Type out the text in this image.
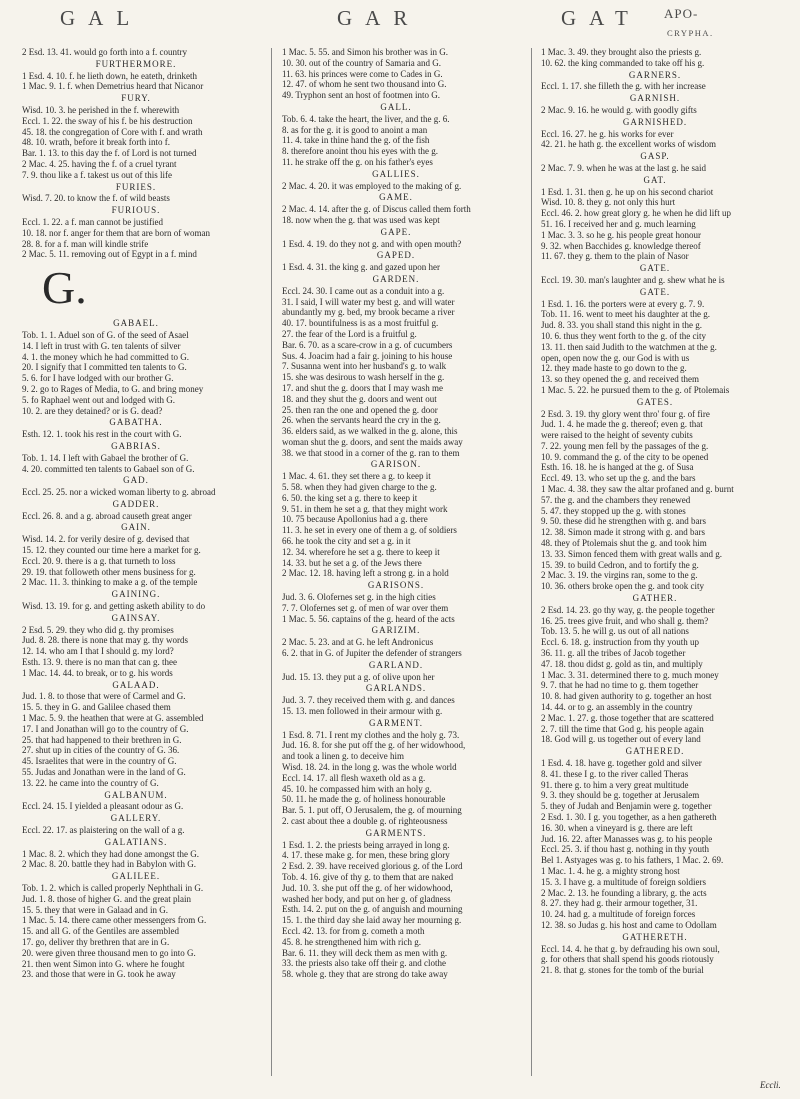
GAL	GAR	GAT APO-
CRYPHA.

2 Esd. 13. 41. would go forth into a f. country

FURTHERMORE.

1 Esd. 4. 10. f. he lieth down, he eateth, drinketh

1 Mac. 9. 1. f. when Demetrius heard that Nicanor

FURY.

Wisd. 10. 3. he perished in the f. wherewith

Eccl. 1. 22. the sway of his f. be his destruction

45. 18. the congregation of Core with f. and wrath

48. 10. wrath, before it break forth into f.

Bar. 1. 13. to this day the f. of Lord is not turned

2 Mac. 4. 25. having the f. of a cruel tyrant

7. 9. thou like a f. takest us out of this life

FURIES.

Wisd. 7. 20. to know the f. of wild beasts

FURIOUS.

Eccl. 1. 22. a f. man cannot be justified

10. 18. nor f. anger for them that are born of woman

28. 8. for a f. man will kindle strife

2 Mac. 5. 11. removing out of Egypt in a f. mind

G.

GABAEL.

Tob. 1. 1. Aduel son of G. of the seed of Asael

14. I left in trust with G. ten talents of silver

4. 1. the money which he had committed to G.

20. I signify that I committed ten talents to G.

5. 6. for I have lodged with our brother G.

9. 2. go to Rages of Media, to G. and bring money

5. fo Raphael went out and lodged with G.

10. 2. are they detained? or is G. dead?

GABATHA.

Esth. 12. 1. took his rest in the court with G.

GABRIAS.

Tob. 1. 14. I left with Gabael the brother of G.

4. 20. committed ten talents to Gabael son of G.

GAD.

Eccl. 25. 25. nor a wicked woman liberty to g. abroad

GADDER.

Eccl. 26. 8. and a g. abroad causeth great anger

GAIN.

Wisd. 14. 2. for verily desire of g. devised that

15. 12. they counted our time here a market for g.

Eccl. 20. 9. there is a g. that turneth to loss

29. 19. that followeth other mens business for g.

2 Mac. 11. 3. thinking to make a g. of the temple

GAINING.

Wisd. 13. 19. for g. and getting asketh ability to do

GAINSAY.

2 Esd. 5. 29. they who did g. thy promises

Jud. 8. 28. there is none that may g. thy words

12. 14. who am I that I should g. my lord?

Esth. 13. 9. there is no man that can g. thee

1 Mac. 14. 44. to break, or to g. his words

GALAAD.

Jud. 1. 8. to those that were of Carmel and G.

15. 5. they in G. and Galilee chased them

1 Mac. 5. 9. the heathen that were at G. assembled

17. I and Jonathan will go to the country of G.

25. that had happened to their brethren in G.

27. shut up in cities of the country of G. 36.

45. Israelites that were in the country of G.

55. Judas and Jonathan were in the land of G.

13. 22. he came into the country of G.

GALBANUM.

Eccl. 24. 15. I yielded a pleasant odour as G.

GALLERY.

Eccl. 22. 17. as plaistering on the wall of a g.

GALATIANS.

1 Mac. 8. 2. which they had done amongst the G.

2 Mac. 8. 20. battle they had in Babylon with G.

GALILEE.

Tob. 1. 2. which is called properly Nephthali in G.

Jud. 1. 8. those of higher G. and the great plain

15. 5. they that were in Galaad and in G.

1 Mac. 5. 14. there came other messengers from G.

15. and all G. of the Gentiles are assembled

17. go, deliver thy brethren that are in G.

20. were given three thousand men to go into G.

21. then went Simon into G. where he fought

23. and those that were in G. took he away

1 Mac. 5. 55. and Simon his brother was in G.

10. 30. out of the country of Samaria and G.

11. 63. his princes were come to Cades in G.

12. 47. of whom he sent two thousand into G.

49. Tryphon sent an host of footmen into G.

GALL.

Tob. 6. 4. take the heart, the liver, and the g. 6.

8. as for the g. it is good to anoint a man

11. 4. take in thine hand the g. of the fish

8. therefore anoint thou his eyes with the g.

11. he strake off the g. on his father's eyes

GALLIES.

2 Mac. 4. 20. it was employed to the making of g.

GAME.

2 Mac. 4. 14. after the g. of Discus called them forth

18. now when the g. that was used was kept

GAPE.

1 Esd. 4. 19. do they not g. and with open mouth?

GAPED.

1 Esd. 4. 31. the king g. and gazed upon her

GARDEN.

Eccl. 24. 30. I came out as a conduit into a g.

31. I said, I will water my best g. and will water

abundantly my g. bed, my brook became a river

40. 17. bountifulness is as a most fruitful g.

27. the fear of the Lord is a fruitful g.

Bar. 6. 70. as a scare-crow in a g. of cucumbers

Sus. 4. Joacim had a fair g. joining to his house

7. Susanna went into her husband's g. to walk

15. she was desirous to wash herself in the g.

17. and shut the g. doors that I may wash me

18. and they shut the g. doors and went out

25. then ran the one and opened the g. door

26. when the servants heard the cry in the g.

36. elders said, as we walked in the g. alone, this

woman shut the g. doors, and sent the maids away

38. we that stood in a corner of the g. ran to them

GARISON.

1 Mac. 4. 61. they set there a g. to keep it

5. 58. when they had given charge to the g.

6. 50. the king set a g. there to keep it

9. 51. in them he set a g. that they might work

10. 75 because Apollonius had a g. there

11. 3. he set in every one of them a g. of soldiers

66. he took the city and set a g. in it

12. 34. wherefore he set a g. there to keep it

14. 33. but he set a g. of the Jews there

2 Mac. 12. 18. having left a strong g. in a hold

GARISONS.

Jud. 3. 6. Olofernes set g. in the high cities

7. 7. Olofernes set g. of men of war over them

1 Mac. 5. 56. captains of the g. heard of the acts

GARIZIM.

2 Mac. 5. 23. and at G. he left Andronicus

6. 2. that in G. of Jupiter the defender of strangers

GARLAND.

Jud. 15. 13. they put a g. of olive upon her

GARLANDS.

Jud. 3. 7. they received them with g. and dances

15. 13. men followed in their armour with g.

GARMENT.

1 Esd. 8. 71. I rent my clothes and the holy g. 73.

Jud. 16. 8. for she put off the g. of her widowhood,

and took a linen g. to deceive him

Wisd. 18. 24. in the long g. was the whole world

Eccl. 14. 17. all flesh waxeth old as a g.

45. 10. he compassed him with an holy g.

50. 11. he made the g. of holiness honourable

Bar. 5. 1. put off, O Jerusalem, the g. of mourning

2. cast about thee a double g. of righteousness

GARMENTS.

1 Esd. 1. 2. the priests being arrayed in long g.

4. 17. these make g. for men, these bring glory

2 Esd. 2. 39. have received glorious g. of the Lord

Tob. 4. 16. give of thy g. to them that are naked

Jud. 10. 3. she put off the g. of her widowhood,

washed her body, and put on her g. of gladness

Esth. 14. 2. put on the g. of anguish and mourning

15. 1. the third day she laid away her mourning g.

Eccl. 42. 13. for from g. cometh a moth

45. 8. he strengthened him with rich g.

Bar. 6. 11. they will deck them as men with g.

33. the priests also take off their g. and clothe

58. whole g. they that are strong do take away

1 Mac. 3. 49. they brought also the priests g.

10. 62. the king commanded to take off his g.

GARNERS.

Eccl. 1. 17. she filleth the g. with her increase

GARNISH.

2 Mac. 9. 16. he would g. with goodly gifts

GARNISHED.

Eccl. 16. 27. he g. his works for ever

42. 21. he hath g. the excellent works of wisdom

GASP.

2 Mac. 7. 9. when he was at the last g. he said

GAT.

1 Esd. 1. 31. then g. he up on his second chariot

Wisd. 10. 8. they g. not only this hurt

Eccl. 46. 2. how great glory g. he when he did lift up

51. 16. I received her and g. much learning

1 Mac. 3. 3. so he g. his people great honour

9. 32. when Bacchides g. knowledge thereof

11. 67. they g. them to the plain of Nasor

GATE.

Eccl. 19. 30. man's laughter and g. shew what he is

GATE.

1 Esd. 1. 16. the porters were at every g. 7. 9.

Tob. 11. 16. went to meet his daughter at the g.

Jud. 8. 33. you shall stand this night in the g.

10. 6. thus they went forth to the g. of the city

13. 11. then said Judith to the watchmen at the g.

open, open now the g. our God is with us

12. they made haste to go down to the g.

13. so they opened the g. and received them

1 Mac. 5. 22. he pursued them to the g. of Ptolemais

GATES.

2 Esd. 3. 19. thy glory went thro' four g. of fire

Jud. 1. 4. he made the g. thereof; even g. that

were raised to the height of seventy cubits

7. 22. young men fell by the passages of the g.

10. 9. command the g. of the city to be opened

Esth. 16. 18. he is hanged at the g. of Susa

Eccl. 49. 13. who set up the g. and the bars

1 Mac. 4. 38. they saw the altar profaned and g. burnt

57. the g. and the chambers they renewed

5. 47. they stopped up the g. with stones

9. 50. these did he strengthen with g. and bars

12. 38. Simon made it strong with g. and bars

48. they of Ptolemais shut the g. and took him

13. 33. Simon fenced them with great walls and g.

15. 39. to build Cedron, and to fortify the g.

2 Mac. 3. 19. the virgins ran, some to the g.

10. 36. others broke open the g. and took city

GATHER.

2 Esd. 14. 23. go thy way, g. the people together

16. 25. trees give fruit, and who shall g. them?

Tob. 13. 5. he will g. us out of all nations

Eccl. 6. 18. g. instruction from thy youth up

36. 11. g. all the tribes of Jacob together

47. 18. thou didst g. gold as tin, and multiply

1 Mac. 3. 31. determined there to g. much money

9. 7. that he had no time to g. them together

10. 8. had given authority to g. together an host

14. 44. or to g. an assembly in the country

2 Mac. 1. 27. g. those together that are scattered

2. 7. till the time that God g. his people again

18. God will g. us together out of every land

GATHERED.

1 Esd. 4. 18. have g. together gold and silver

8. 41. these I g. to the river called Theras

91. there g. to him a very great multitude

9. 3. they should be g. together at Jerusalem

5. they of Judah and Benjamin were g. together

2 Esd. 1. 30. I g. you together, as a hen gathereth

16. 30. when a vineyard is g. there are left

Jud. 16. 22. after Manasses was g. to his people

Eccl. 25. 3. if thou hast g. nothing in thy youth

Bel 1. Astyages was g. to his fathers, 1 Mac. 2. 69.

1 Mac. 1. 4. he g. a mighty strong host

15. 3. I have g. a multitude of foreign soldiers

2 Mac. 2. 13. he founding a library, g. the acts

8. 27. they had g. their armour together, 31.

10. 24. had g. a multitude of foreign forces

12. 38. so Judas g. his host and came to Odollam

GATHERETH.

Eccl. 14. 4. he that g. by defrauding his own soul,

g. for others that shall spend his goods riotously

21. 8. that g. stones for the tomb of the burial

Eccli.
